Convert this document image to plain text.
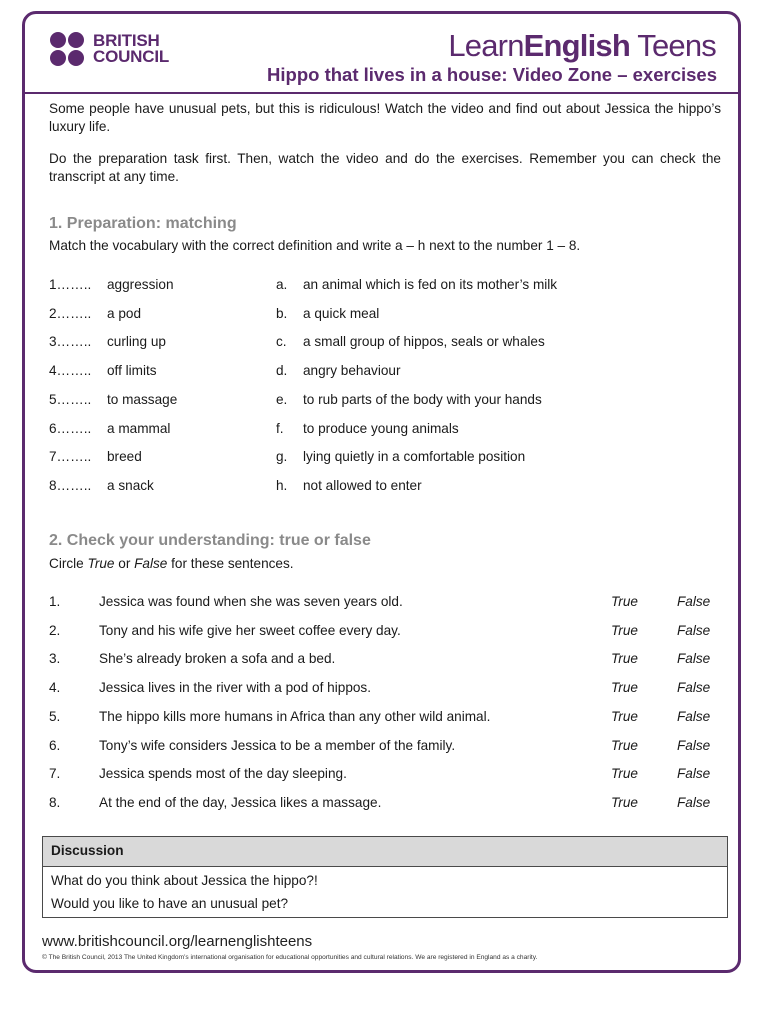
BRITISH
COUNCIL	LearnEnglish Teens
Hippo that lives in a house: Video Zone – exercises
Some people have unusual pets, but this is ridiculous! Watch the video and find out about Jessica the hippo’s luxury life.
Do the preparation task first. Then, watch the video and do the exercises. Remember you can check the transcript at any time.
1. Preparation: matching
Match the vocabulary with the correct definition and write a – h next to the number 1 – 8.
1…….. aggression	a. an animal which is fed on its mother’s milk
2…….. a pod	b. a quick meal
3…….. curling up	c. a small group of hippos, seals or whales
4…….. off limits	d. angry behaviour
5…….. to massage	e. to rub parts of the body with your hands
6…….. a mammal	f. to produce young animals
7…….. breed	g. lying quietly in a comfortable position
8…….. a snack	h. not allowed to enter
2. Check your understanding: true or false
Circle True or False for these sentences.
1.	Jessica was found when she was seven years old.	True	False
2.	Tony and his wife give her sweet coffee every day.	True	False
3.	She’s already broken a sofa and a bed.	True	False
4.	Jessica lives in the river with a pod of hippos.	True	False
5.	The hippo kills more humans in Africa than any other wild animal.	True	False
6.	Tony’s wife considers Jessica to be a member of the family.	True	False
7.	Jessica spends most of the day sleeping.	True	False
8.	At the end of the day, Jessica likes a massage.	True	False
Discussion
What do you think about Jessica the hippo?!
Would you like to have an unusual pet?
www.britishcouncil.org/learnenglishteens
© The British Council, 2013 The United Kingdom’s international organisation for educational opportunities and cultural relations. We are registered in England as a charity.
